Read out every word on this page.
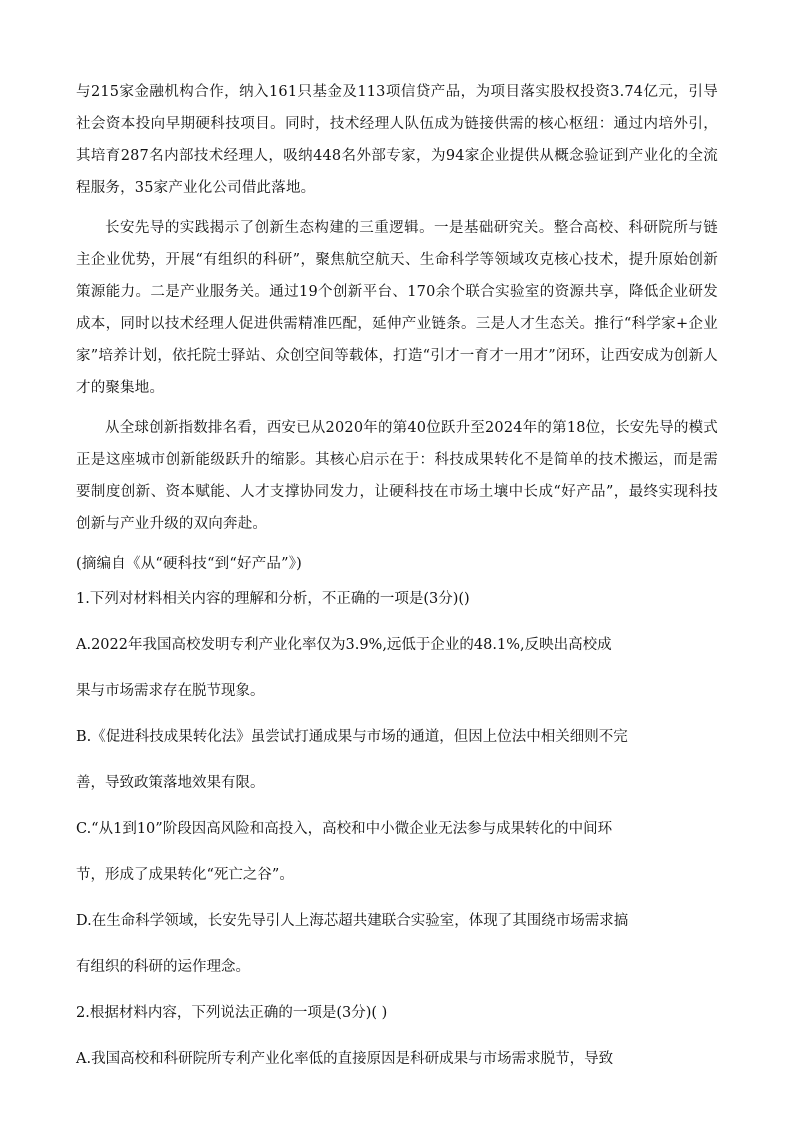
与215家金融机构合作，纳入161只基金及113项信贷产品，为项目落实股权投资3.74亿元，引导社会资本投向早期硬科技项目。同时，技术经理人队伍成为链接供需的核心枢纽：通过内培外引，其培育287名内部技术经理人，吸纳448名外部专家，为94家企业提供从概念验证到产业化的全流程服务，35家产业化公司借此落地。

长安先导的实践揭示了创新生态构建的三重逻辑。一是基础研究关。整合高校、科研院所与链主企业优势，开展“有组织的科研”，聚焦航空航天、生命科学等领域攻克核心技术，提升原始创新策源能力。二是产业服务关。通过19个创新平台、170余个联合实验室的资源共享，降低企业研发成本，同时以技术经理人促进供需精准匹配，延伸产业链条。三是人才生态关。推行“科学家+企业家”培养计划，依托院士驿站、众创空间等载体，打造“引才一育才一用才”闭环，让西安成为创新人才的聚集地。

从全球创新指数排名看，西安已从2020年的第40位跃升至2024年的第18位，长安先导的模式正是这座城市创新能级跃升的缩影。其核心启示在于：科技成果转化不是简单的技术搬运，而是需要制度创新、资本赋能、人才支撑协同发力，让硬科技在市场土壤中长成“好产品”，最终实现科技创新与产业升级的双向奔赴。

(摘编自《从“硬科技“到“好产品”》)

1.下列对材料相关内容的理解和分析，不正确的一项是(3分)()

A.2022年我国高校发明专利产业化率仅为3.9%,远低于企业的48.1%,反映出高校成

果与市场需求存在脱节现象。

B.《促进科技成果转化法》虽尝试打通成果与市场的通道，但因上位法中相关细则不完

善，导致政策落地效果有限。

C.“从1到10”阶段因高风险和高投入，高校和中小微企业无法参与成果转化的中间环

节，形成了成果转化“死亡之谷”。

D.在生命科学领域，长安先导引人上海芯超共建联合实验室，体现了其围绕市场需求搞

有组织的科研的运作理念。

2.根据材料内容，下列说法正确的一项是(3分)( )

A.我国高校和科研院所专利产业化率低的直接原因是科研成果与市场需求脱节，导致
